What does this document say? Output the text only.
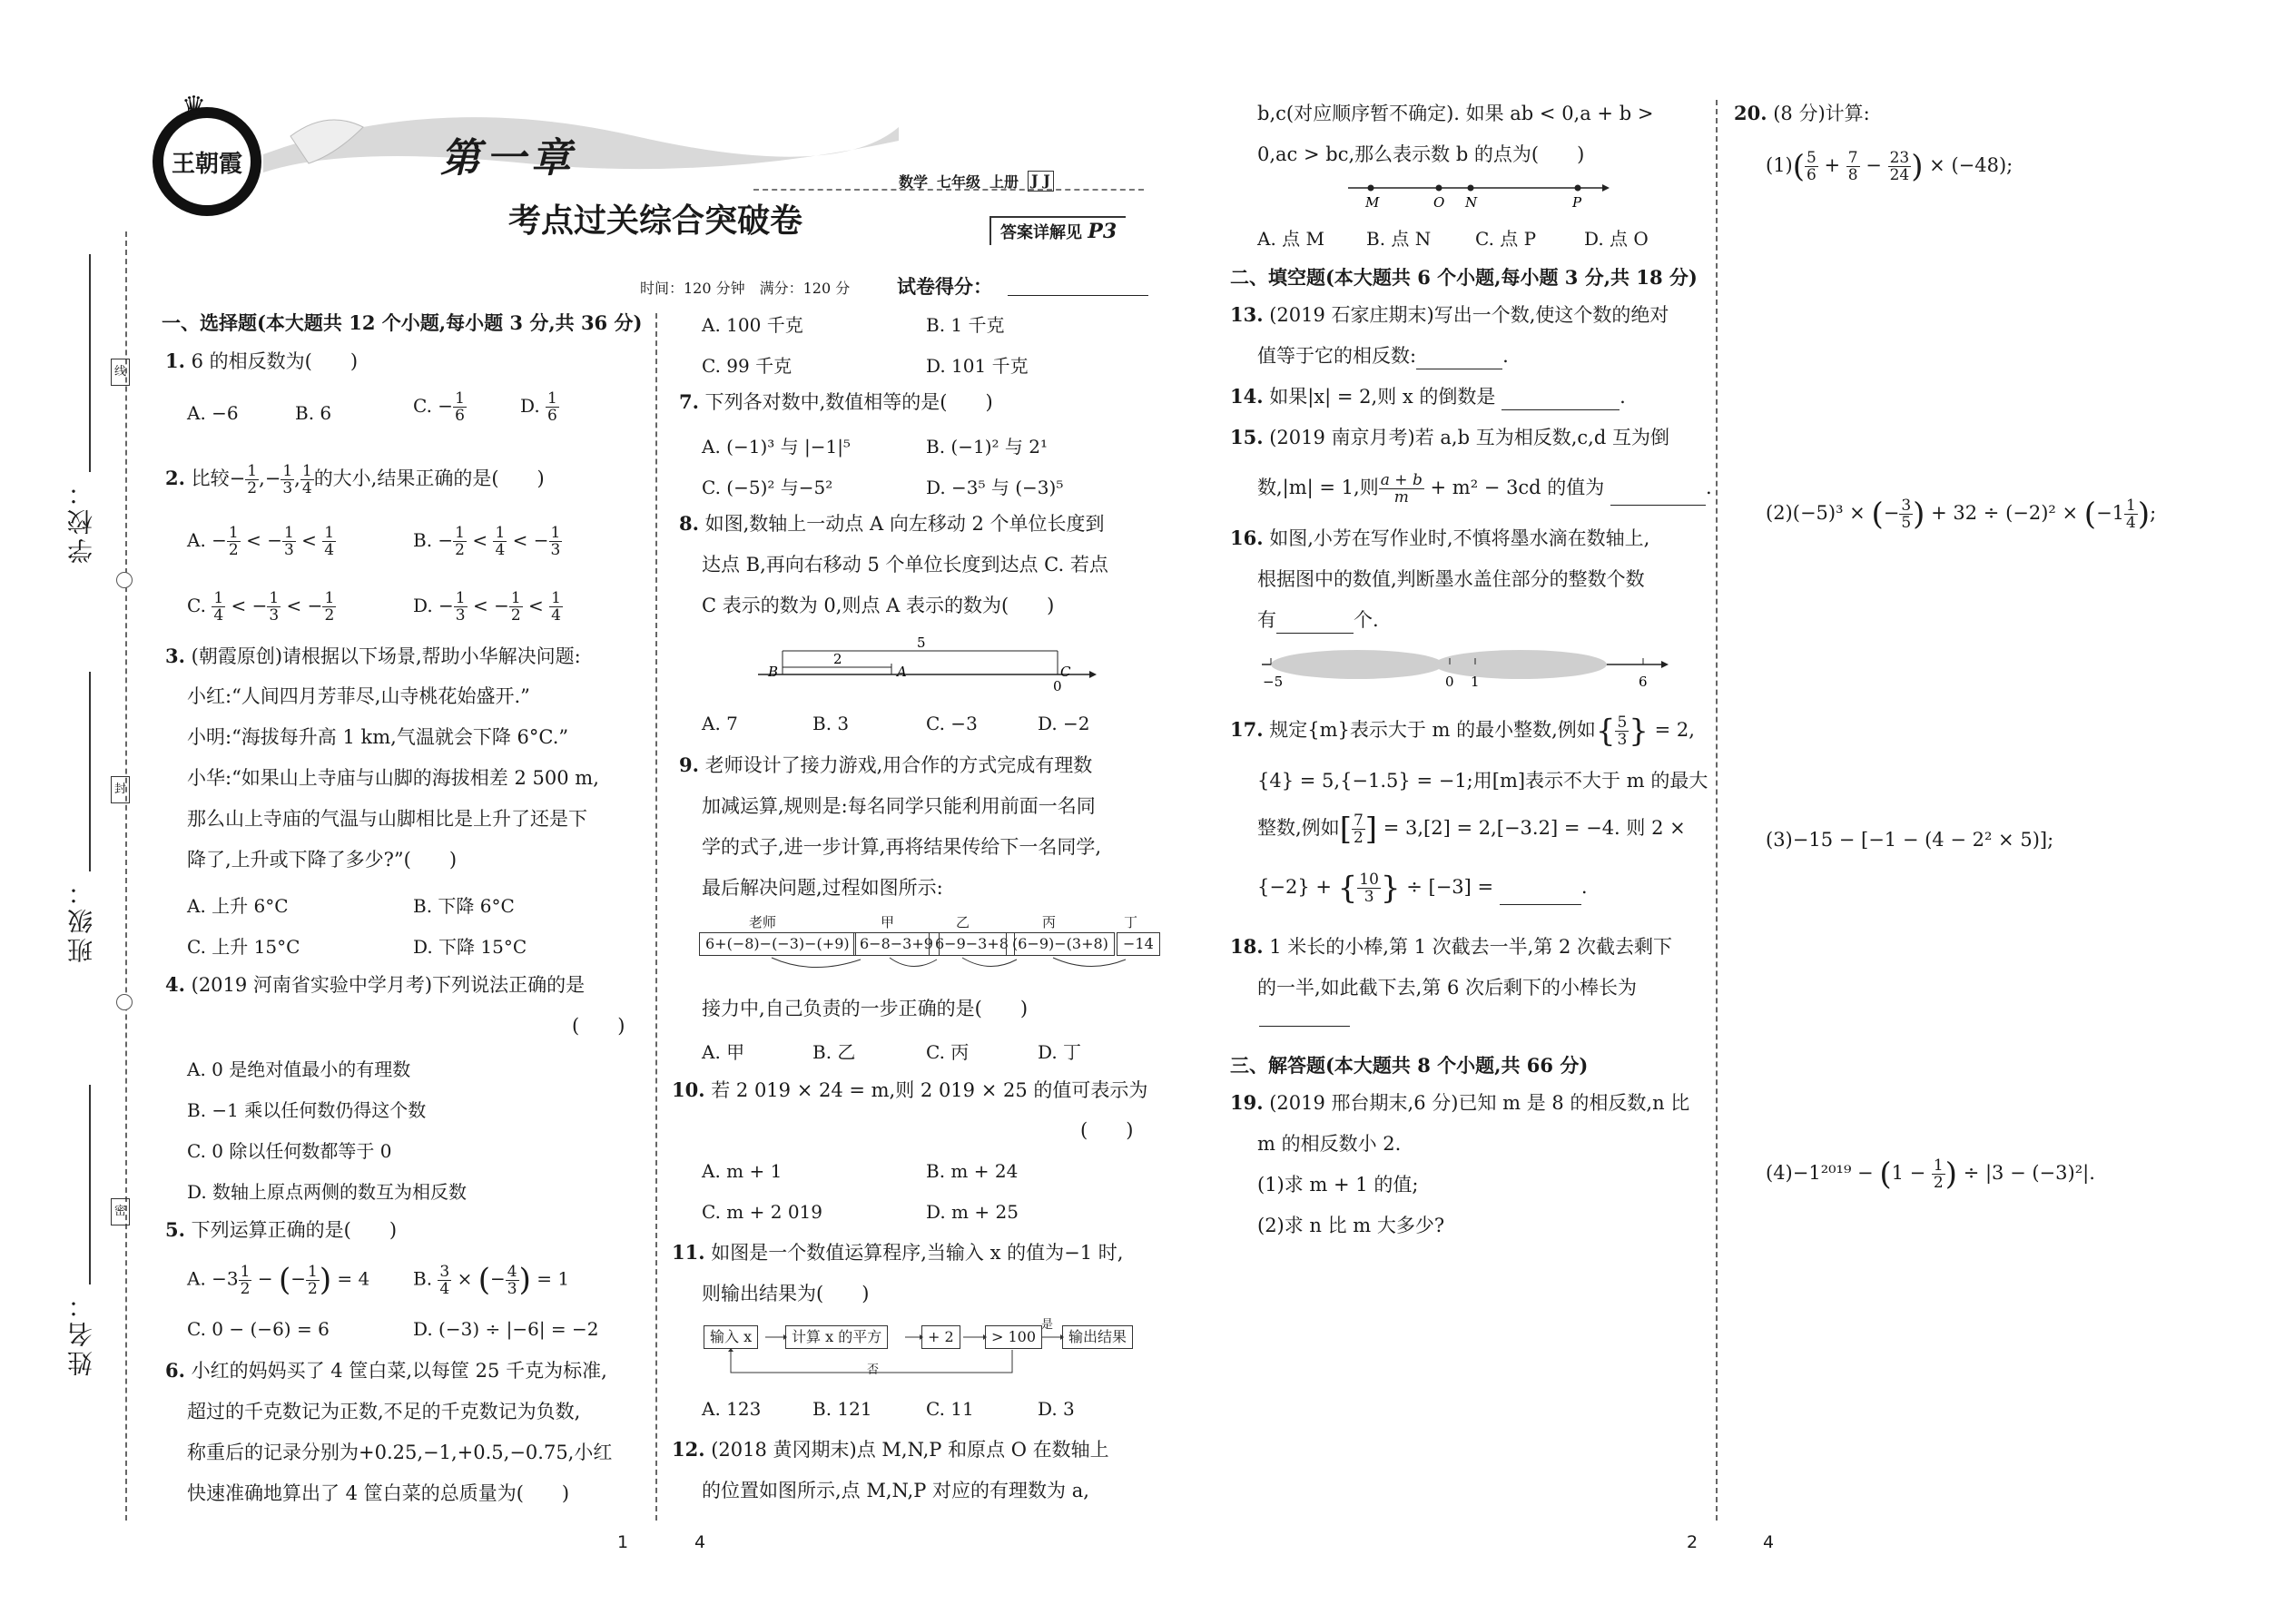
学校：
班级：
姓名：
线
封
密
王朝霞
♛
第一章
考点过关综合突破卷
数学 七年级 上册 J J
答案详解见 P3
时间：120 分钟　满分：120 分 试卷得分：
一、选择题(本大题共 12 个小题,每小题 3 分,共 36 分)
1. 6 的相反数为(　　)
A. −6	B. 6	C. − $\frac{1}{6}$	D. $\frac{1}{6}$
2. 比较− $\frac{1}{2}$ ,− $\frac{1}{3}$ , $\frac{1}{4}$ 的大小,结果正确的是(　　)
A. − $\frac{1}{2}$ < − $\frac{1}{3} < \frac{1}{4}$	B. − $\frac{1}{2} < \frac{1}{4}$ < − $\frac{1}{3}$
C. $\frac{1}{4}$ < − $\frac{1}{3}$ < − $\frac{1}{2}$	D. − $\frac{1}{3}$ < − $\frac{1}{2} < \frac{1}{4}$
3. (朝霞原创)请根据以下场景,帮助小华解决问题:
小红:“人间四月芳菲尽,山寺桃花始盛开.”
小明:“海拔每升高 1 km,气温就会下降 6°C.”
小华:“如果山上寺庙与山脚的海拔相差 2 500 m,
那么山上寺庙的气温与山脚相比是上升了还是下
降了,上升或下降了多少?”(　　)
A. 上升 6°C	B. 下降 6°C
C. 上升 15°C	D. 下降 15°C
4. (2019 河南省实验中学月考)下列说法正确的是
(　　)
A. 0 是绝对值最小的有理数
B. −1 乘以任何数仍得这个数
C. 0 除以任何数都等于 0
D. 数轴上原点两侧的数互为相反数
5. 下列运算正确的是(　　)
A. $-3 \frac{1}{2}$ − (− $\frac{1}{2}$ ) = 4 B. $\frac{3}{4}$ × (− $\frac{4}{3}$ ) = 1
C. 0 − (−6) = 6	D. (−3) ÷ |−6| = −2
6. 小红的妈妈买了 4 筐白菜,以每筐 25 千克为标准,
超过的千克数记为正数,不足的千克数记为负数,
称重后的记录分别为+0.25,−1,+0.5,−0.75,小红
快速准确地算出了 4 筐白菜的总质量为(　　)
A. 100 千克	B. 1 千克
C. 99 千克	D. 101 千克
7. 下列各对数中,数值相等的是(　　)
A. (−1)³ 与 |−1|⁵	B. (−1)² 与 2¹
C. (−5)² 与−5²	D. −3⁵ 与 (−3)⁵
8. 如图,数轴上一动点 A 向左移动 2 个单位长度到
达点 B,再向右移动 5 个单位长度到达点 C. 若点
C 表示的数为 0,则点 A 表示的数为(　　)
5
2
B	A	C
0
A. 7	B. 3	C. −3	D. −2
9. 老师设计了接力游戏,用合作的方式完成有理数
加减运算,规则是:每名同学只能利用前面一名同
学的式子,进一步计算,再将结果传给下一名同学,
最后解决问题,过程如图所示:
老师	甲	乙	丙	丁
6+(−8)−(−3)−(+9) 6−8−3+9 6−9−3+8 (6−9)−(3+8)	−14
接力中,自己负责的一步正确的是(　　)
A. 甲	B. 乙	C. 丙	D. 丁
10. 若 2 019 × 24 = m,则 2 019 × 25 的值可表示为
(　　)
A. m + 1	B. m + 24
C. m + 2 019	D. m + 25
11. 如图是一个数值运算程序,当输入 x 的值为−1 时,
则输出结果为(　　)
输入 x	计算 x 的平方	+ 2	> 100	输出结果
是
否
A. 123	B. 121	C. 11	D. 3
12. (2018 黄冈期末)点 M,N,P 和原点 O 在数轴上
的位置如图所示,点 M,N,P 对应的有理数为 a,
b,c(对应顺序暂不确定). 如果 ab < 0,a + b >
0,ac > bc,那么表示数 b 的点为(　　)
M	O N	P
A. 点 M B. 点 N C. 点 P	D. 点 O
二、填空题(本大题共 6 个小题,每小题 3 分,共 18 分)
13. (2019 石家庄期末)写出一个数,使这个数的绝对
值等于它的相反数:	.
14. 如果|x| = 2,则 x 的倒数是	.
15. (2019 南京月考)若 a,b 互为相反数,c,d 互为倒
数,|m| = 1,则 $\frac{a + b}{m} + m^2 - 3cd$ 的值为	.
16. 如图,小芳在写作业时,不慎将墨水滴在数轴上,
根据图中的数值,判断墨水盖住部分的整数个数
有	个.
−5	0 1	6
17. 规定{m}表示大于 m 的最小整数,例如{ $\frac{5}{3}$ } = 2,
{4} = 5,{−1.5} = −1;用[m]表示不大于 m 的最大
整数,例如[ $\frac{7}{2}$ ] = 3,[2] = 2,[−3.2] = −4. 则 2 ×
{−2} + { $\frac{10}{3}$ } ÷ [−3] =	.
18. 1 米长的小棒,第 1 次截去一半,第 2 次截去剩下
的一半,如此截下去,第 6 次后剩下的小棒长为
三、解答题(本大题共 8 个小题,共 66 分)
19. (2019 邢台期末,6 分)已知 m 是 8 的相反数,n 比
m 的相反数小 2.
(1)求 m + 1 的值;
(2)求 n 比 m 大多少?
20. (8 分)计算:
$(1)( \frac{5}{6} + \frac{7}{8} - \frac{23}{24}$ ) × (−48);
(2)(−5)³ × (− $\frac{3}{5}$ ) + $32 \div (-2)^2 \times (-1 \frac{1}{4}$ );
(3)−15 − [−1 − (4 − 2² × 5)];
$(4)-1^{2019} - (1 - \frac{1}{2}$ ) ÷ |3 − (−3)²|.
1	4	2	4
